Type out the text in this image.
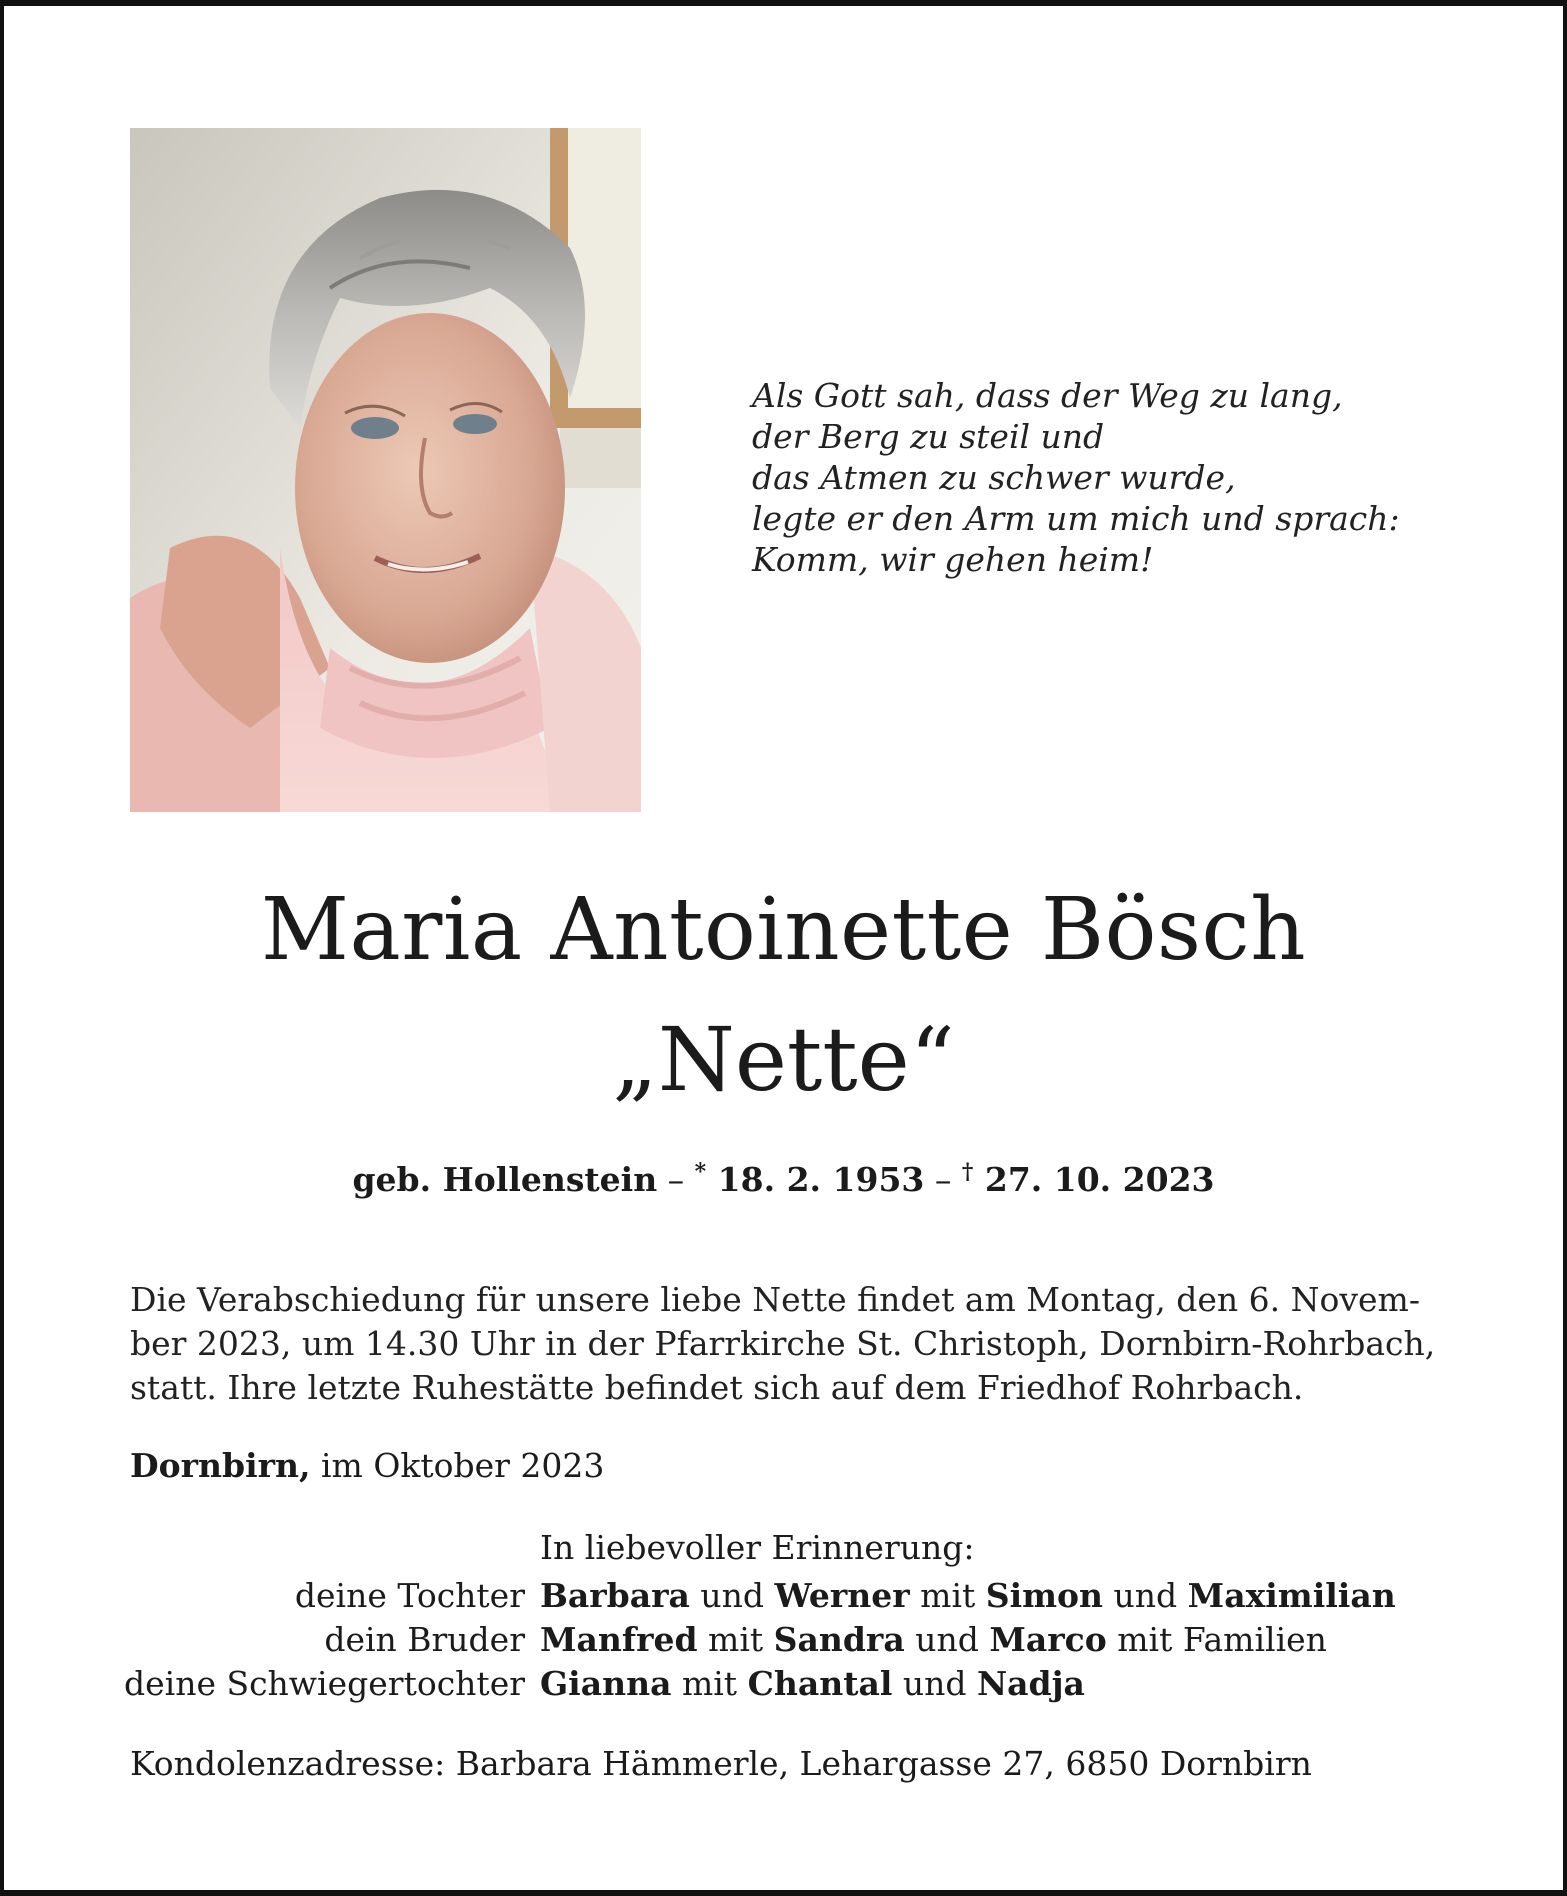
Als Gott sah, dass der Weg zu lang,
der Berg zu steil und
das Atmen zu schwer wurde,
legte er den Arm um mich und sprach:
Komm, wir gehen heim!
Maria Antoinette Bösch
„Nette“
geb. Hollenstein – * 18. 2. 1953 – † 27. 10. 2023
Die Verabschiedung für unsere liebe Nette findet am Montag, den 6. Novem-
ber 2023, um 14.30 Uhr in der Pfarrkirche St. Christoph, Dornbirn-Rohrbach,
statt. Ihre letzte Ruhestätte befindet sich auf dem Friedhof Rohrbach.
Dornbirn, im Oktober 2023
In liebevoller Erinnerung:
deine Tochter Barbara und Werner mit Simon und Maximilian
dein Bruder Manfred mit Sandra und Marco mit Familien
deine Schwiegertochter Gianna mit Chantal und Nadja
Kondolenzadresse: Barbara Hämmerle, Lehargasse 27, 6850 Dornbirn
